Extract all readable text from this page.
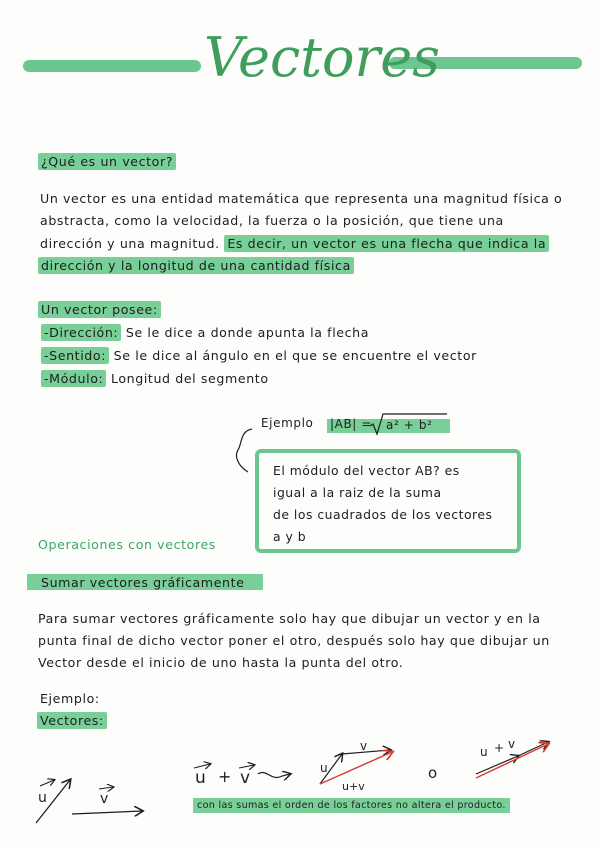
Vectores
¿Qué es un vector?
Un vector es una entidad matemática que representa una magnitud física o
abstracta, como la velocidad, la fuerza o la posición, que tiene una
dirección y una magnitud. Es decir, un vector es una flecha que indica la
dirección y la longitud de una cantidad física
Un vector posee:
-Dirección: Se le dice a donde apunta la flecha
-Sentido: Se le dice al ángulo en el que se encuentre el vector
-Módulo: Longitud del segmento
Ejemplo |AB| = a² + b²
El módulo del vector AB? es
igual a la raiz de la suma
de los cuadrados de los vectores
a y b
Operaciones con vectores
Sumar vectores gráficamente
Para sumar vectores gráficamente solo hay que dibujar un vector y en la
punta final de dicho vector poner el otro, después solo hay que dibujar un
Vector desde el inicio de uno hasta la punta del otro.
Ejemplo:
Vectores:
u	v
u + v	u
v
u+v
o
u + v
con las sumas el orden de los factores no altera el producto.
